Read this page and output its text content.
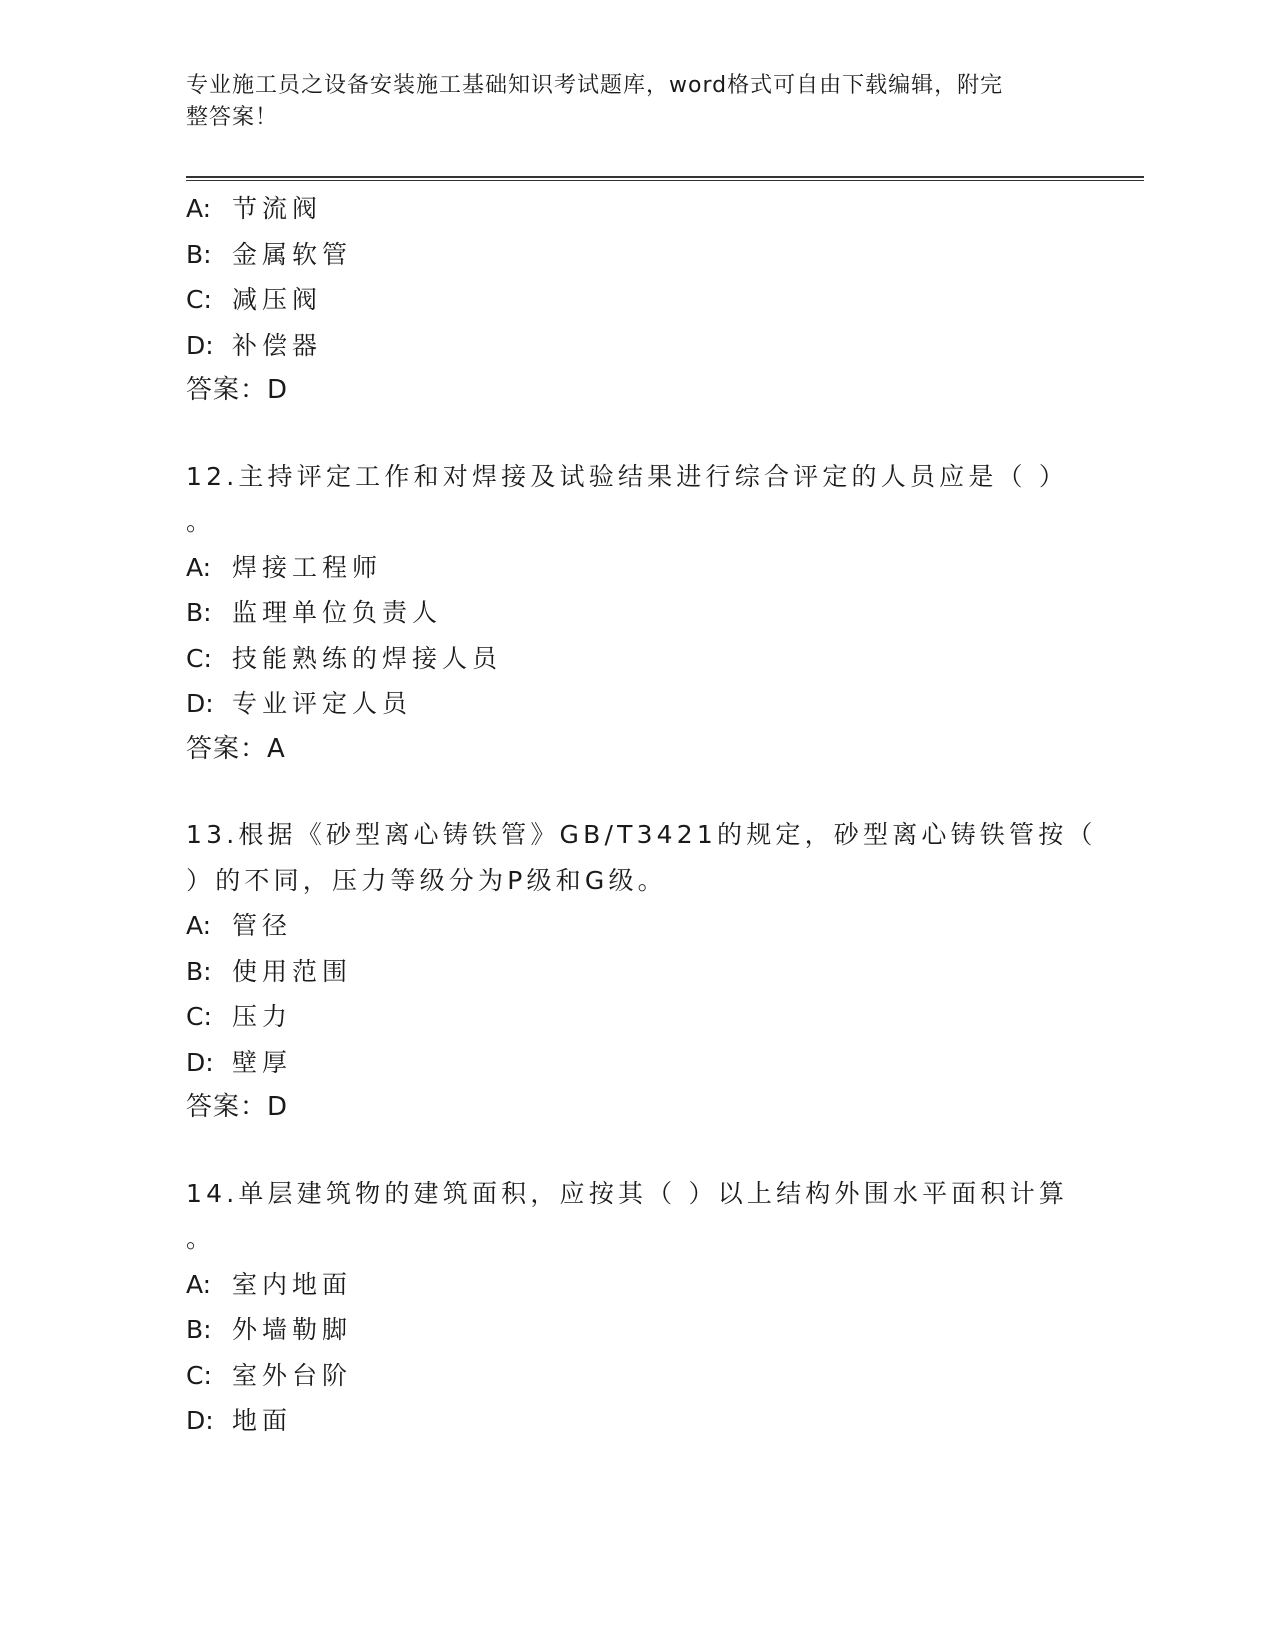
专业施工员之设备安装施工基础知识考试题库，word格式可自由下载编辑，附完
整答案！
A: 节流阀
B: 金属软管
C: 减压阀
D: 补偿器
答案：D
12.主持评定工作和对焊接及试验结果进行综合评定的人员应是（ ）
。
A: 焊接工程师
B: 监理单位负责人
C: 技能熟练的焊接人员
D: 专业评定人员
答案：A
13.根据《砂型离心铸铁管》GB/T3421的规定，砂型离心铸铁管按（
）的不同，压力等级分为P级和G级。
A: 管径
B: 使用范围
C: 压力
D: 壁厚
答案：D
14.单层建筑物的建筑面积，应按其（ ）以上结构外围水平面积计算
。
A: 室内地面
B: 外墙勒脚
C: 室外台阶
D: 地面
